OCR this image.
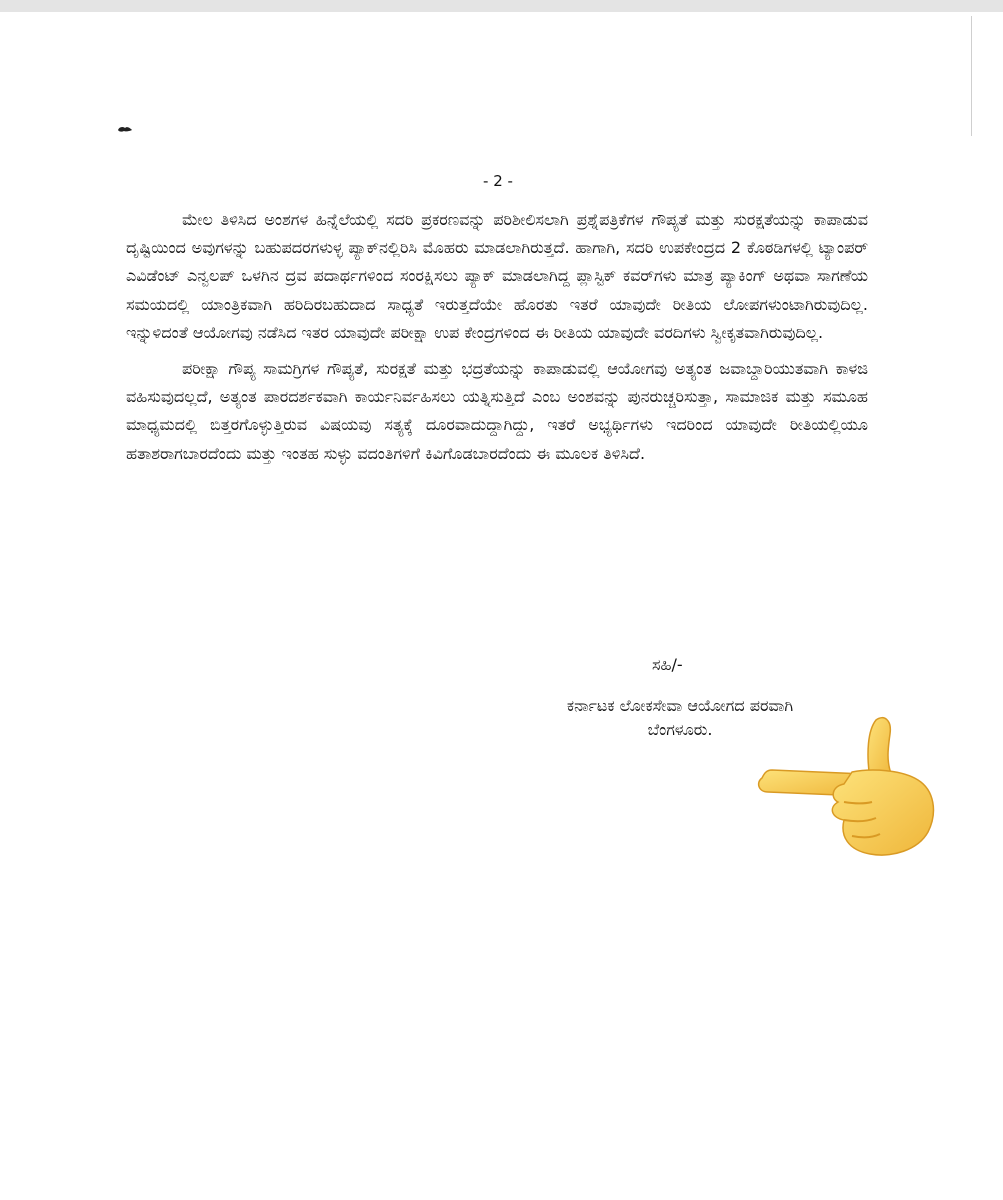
- 2 -

ಮೇಲ ತಿಳಿಸಿದ ಅಂಶಗಳ ಹಿನ್ನೆಲೆಯಲ್ಲಿ ಸದರಿ ಪ್ರಕರಣವನ್ನು ಪರಿಶೀಲಿಸಲಾಗಿ ಪ್ರಶ್ನೆಪತ್ರಿಕೆಗಳ ಗೌಪ್ಯತೆ ಮತ್ತು ಸುರಕ್ಷತೆಯನ್ನು ಕಾಪಾಡುವ ದೃಷ್ಟಿಯಿಂದ ಅವುಗಳನ್ನು ಬಹುಪದರಗಳುಳ್ಳ ಪ್ಯಾಕ್‌ನಲ್ಲಿರಿಸಿ ಮೊಹರು ಮಾಡಲಾಗಿರುತ್ತದೆ. ಹಾಗಾಗಿ, ಸದರಿ ಉಪಕೇಂದ್ರದ 2 ಕೊಠಡಿಗಳಲ್ಲಿ ಟ್ಯಾಂಪರ್ ಎವಿಡೆಂಟ್ ಎನ್ವಲಪ್ ಒಳಗಿನ ದ್ರವ ಪದಾರ್ಥಗಳಿಂದ ಸಂರಕ್ಷಿಸಲು ಪ್ಯಾಕ್ ಮಾಡಲಾಗಿದ್ದ ಪ್ಲಾಸ್ಟಿಕ್ ಕವರ್‌ಗಳು ಮಾತ್ರ ಪ್ಯಾಕಿಂಗ್ ಅಥವಾ ಸಾಗಣೆಯ ಸಮಯದಲ್ಲಿ ಯಾಂತ್ರಿಕವಾಗಿ ಹರಿದಿರಬಹುದಾದ ಸಾಧ್ಯತೆ ಇರುತ್ತದೆಯೇ ಹೊರತು ಇತರೆ ಯಾವುದೇ ರೀತಿಯ ಲೋಪಗಳುಂಟಾಗಿರುವುದಿಲ್ಲ. ಇನ್ನುಳಿದಂತೆ ಆಯೋಗವು ನಡೆಸಿದ ಇತರ ಯಾವುದೇ ಪರೀಕ್ಷಾ ಉಪ ಕೇಂದ್ರಗಳಿಂದ ಈ ರೀತಿಯ ಯಾವುದೇ ವರದಿಗಳು ಸ್ವೀಕೃತವಾಗಿರುವುದಿಲ್ಲ.

ಪರೀಕ್ಷಾ ಗೌಪ್ಯ ಸಾಮಗ್ರಿಗಳ ಗೌಪ್ಯತೆ, ಸುರಕ್ಷತೆ ಮತ್ತು ಭದ್ರತೆಯನ್ನು ಕಾಪಾಡುವಲ್ಲಿ ಆಯೋಗವು ಅತ್ಯಂತ ಜವಾಬ್ದಾರಿಯುತವಾಗಿ ಕಾಳಜಿ ವಹಿಸುವುದಲ್ಲದೆ, ಅತ್ಯಂತ ಪಾರದರ್ಶಕವಾಗಿ ಕಾರ್ಯನಿರ್ವಹಿಸಲು ಯತ್ನಿಸುತ್ತಿದೆ ಎಂಬ ಅಂಶವನ್ನು ಪುನರುಚ್ಚರಿಸುತ್ತಾ, ಸಾಮಾಜಿಕ ಮತ್ತು ಸಮೂಹ ಮಾಧ್ಯಮದಲ್ಲಿ ಬಿತ್ತರಗೊಳ್ಳುತ್ತಿರುವ ವಿಷಯವು ಸತ್ಯಕ್ಕೆ ದೂರವಾದುದ್ದಾಗಿದ್ದು, ಇತರೆ ಅಭ್ಯರ್ಥಿಗಳು ಇದರಿಂದ ಯಾವುದೇ ರೀತಿಯಲ್ಲಿಯೂ ಹತಾಶರಾಗಬಾರದೆಂದು ಮತ್ತು ಇಂತಹ ಸುಳ್ಳು ವದಂತಿಗಳಿಗೆ ಕಿವಿಗೊಡಬಾರದೆಂದು ಈ ಮೂಲಕ ತಿಳಿಸಿದೆ.

ಸಹಿ/-
ಕರ್ನಾಟಕ ಲೋಕಸೇವಾ ಆಯೋಗದ ಪರವಾಗಿ
ಬೆಂಗಳೂರು.
